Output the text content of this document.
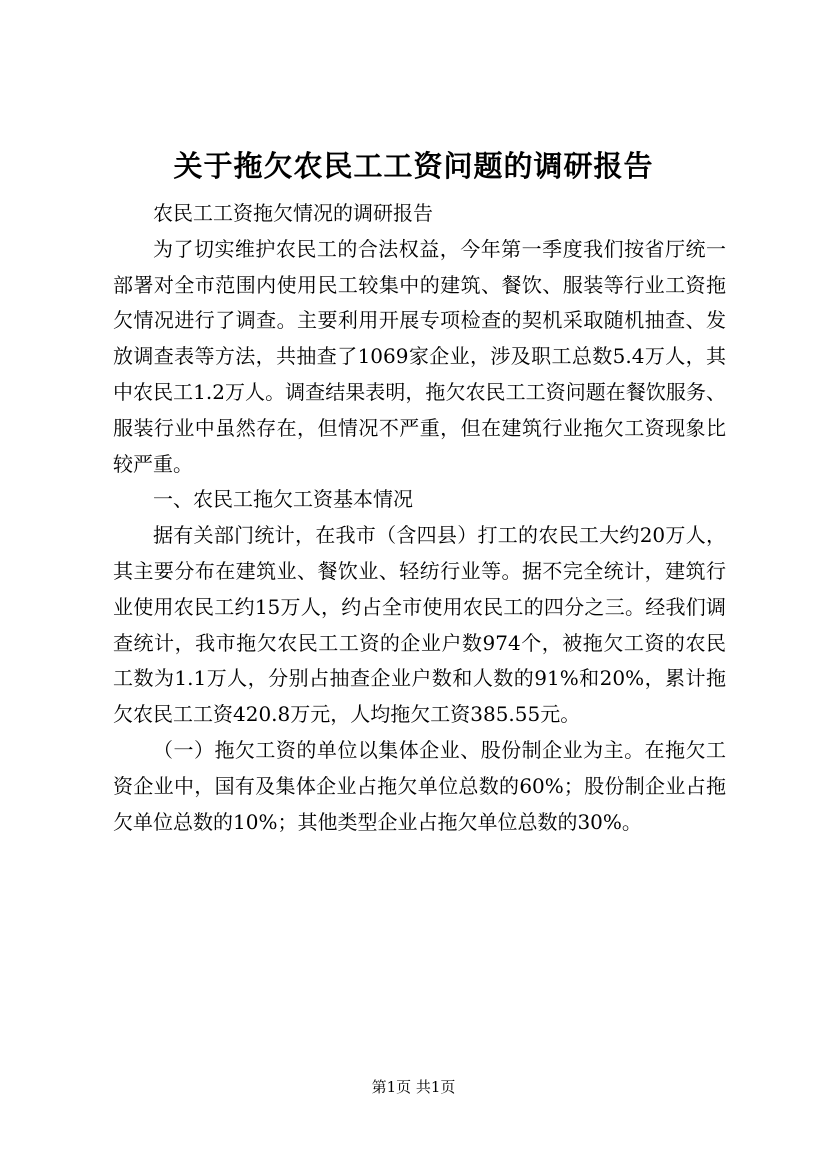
关于拖欠农民工工资问题的调研报告

农民工工资拖欠情况的调研报告

为了切实维护农民工的合法权益，今年第一季度我们按省厅统一部署对全市范围内使用民工较集中的建筑、餐饮、服装等行业工资拖欠情况进行了调查。主要利用开展专项检查的契机采取随机抽查、发放调查表等方法，共抽查了1069家企业，涉及职工总数5.4万人，其中农民工1.2万人。调查结果表明，拖欠农民工工资问题在餐饮服务、服装行业中虽然存在，但情况不严重，但在建筑行业拖欠工资现象比较严重。

一、农民工拖欠工资基本情况

据有关部门统计，在我市（含四县）打工的农民工大约20万人，其主要分布在建筑业、餐饮业、轻纺行业等。据不完全统计，建筑行业使用农民工约15万人，约占全市使用农民工的四分之三。经我们调查统计，我市拖欠农民工工资的企业户数974个，被拖欠工资的农民工数为1.1万人，分别占抽查企业户数和人数的91%和20%，累计拖欠农民工工资420.8万元，人均拖欠工资385.55元。

（一）拖欠工资的单位以集体企业、股份制企业为主。在拖欠工资企业中，国有及集体企业占拖欠单位总数的60%；股份制企业占拖欠单位总数的10%；其他类型企业占拖欠单位总数的30%。

第1页 共1页
